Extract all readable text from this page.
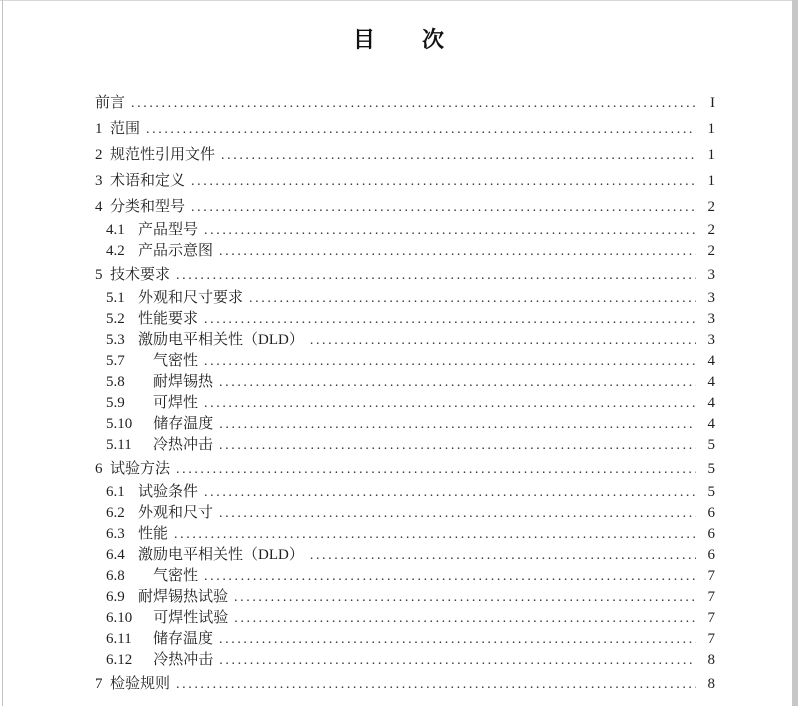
目　　次
前言 .....	I
1 范围 .....	1
2 规范性引用文件 .....	1
3 术语和定义 .....	1
4 分类和型号 .....	2
4.1 产品型号 .....	2
4.2 产品示意图 .....	2
5 技术要求 .....	3
5.1 外观和尺寸要求 .....	3
5.2 性能要求 .....	3
5.3 激励电平相关性（DLD） .....	3
5.7 　气密性 .....	4
5.8 　耐焊锡热 .....	4
5.9 　可焊性 .....	4
5.10 　储存温度 .....	4
5.11 　冷热冲击 .....	5
6 试验方法 .....	5
6.1 试验条件 .....	5
6.2 外观和尺寸 .....	6
6.3 性能 .....	6
6.4 激励电平相关性（DLD） .....	6
6.8 　气密性 .....	7
6.9 耐焊锡热试验 .....	7
6.10 　可焊性试验 .....	7
6.11 　储存温度 .....	7
6.12 　冷热冲击 .....	8
7 检验规则 .....	8
